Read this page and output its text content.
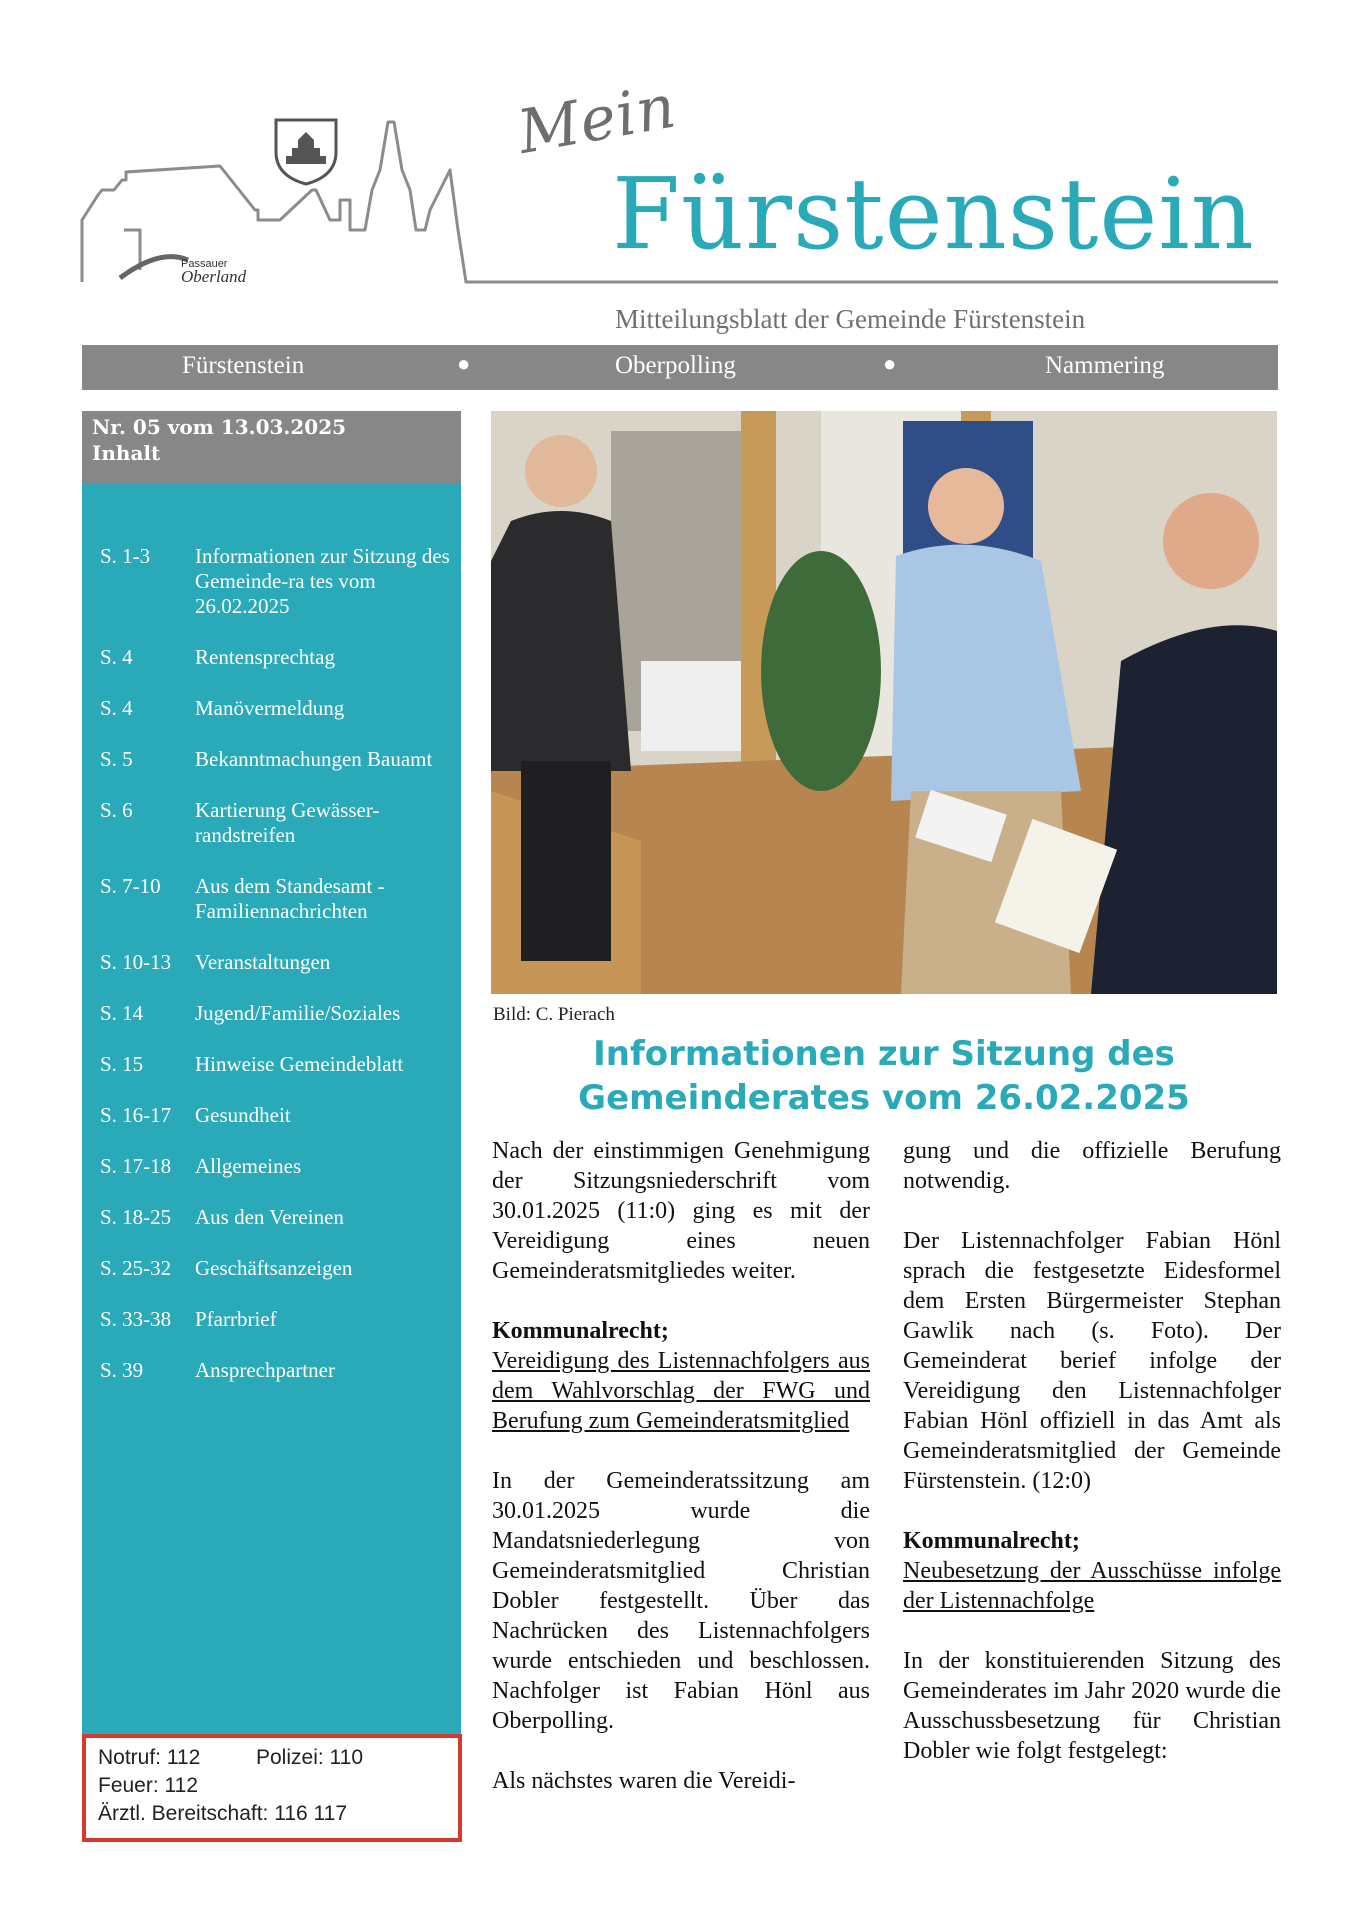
Mein
Fürstenstein
Passauer
Oberland
Mitteilungsblatt der Gemeinde Fürstenstein
Fürstenstein	●	Oberpolling	●	Nammering
Nr. 05 vom 13.03.2025
Inhalt
S. 1-3	Informationen zur Sitzung des Gemeinde-ra tes vom 26.02.2025
S. 4	Rentensprechtag
S. 4	Manövermeldung
S. 5	Bekanntmachungen Bauamt
S. 6	Kartierung Gewässer-randstreifen
S. 7-10	Aus dem Standesamt - Familiennachrichten
S. 10-13	Veranstaltungen
S. 14	Jugend/Familie/Soziales
S. 15	Hinweise Gemeindeblatt
S. 16-17	Gesundheit
S. 17-18	Allgemeines
S. 18-25	Aus den Vereinen
S. 25-32	Geschäftsanzeigen
S. 33-38	Pfarrbrief
S. 39	Ansprechpartner
Notruf: 112	Polizei: 110
Feuer: 112
Ärztl. Bereitschaft: 116 117
Bild: C. Pierach
Informationen zur Sitzung des
Gemeinderates vom 26.02.2025

Nach der einstimmigen Genehmigung der Sitzungsniederschrift vom 30.01.2025 (11:0) ging es mit der Vereidigung eines neuen Gemeinderatsmitgliedes weiter.

Kommunalrecht;

Vereidigung des Listennachfolgers aus dem Wahlvorschlag der FWG und Berufung zum Gemeinderatsmitglied

In der Gemeinderatssitzung am 30.01.2025 wurde die Mandatsniederlegung von Gemeinderatsmitglied Christian Dobler festgestellt. Über das Nachrücken des Listennachfolgers wurde entschieden und beschlossen. Nachfolger ist Fabian Hönl aus Oberpolling.

Als nächstes waren die Vereidi-

gung und die offizielle Berufung notwendig.

Der Listennachfolger Fabian Hönl sprach die festgesetzte Eidesformel dem Ersten Bürgermeister Stephan Gawlik nach (s. Foto). Der Gemeinderat berief infolge der Vereidigung den Listennachfolger Fabian Hönl offiziell in das Amt als Gemeinderatsmitglied der Gemeinde Fürstenstein. (12:0)

Kommunalrecht;

Neubesetzung der Ausschüsse infolge der Listennachfolge

In der konstituierenden Sitzung des Gemeinderates im Jahr 2020 wurde die Ausschussbesetzung für Christian Dobler wie folgt festgelegt:
